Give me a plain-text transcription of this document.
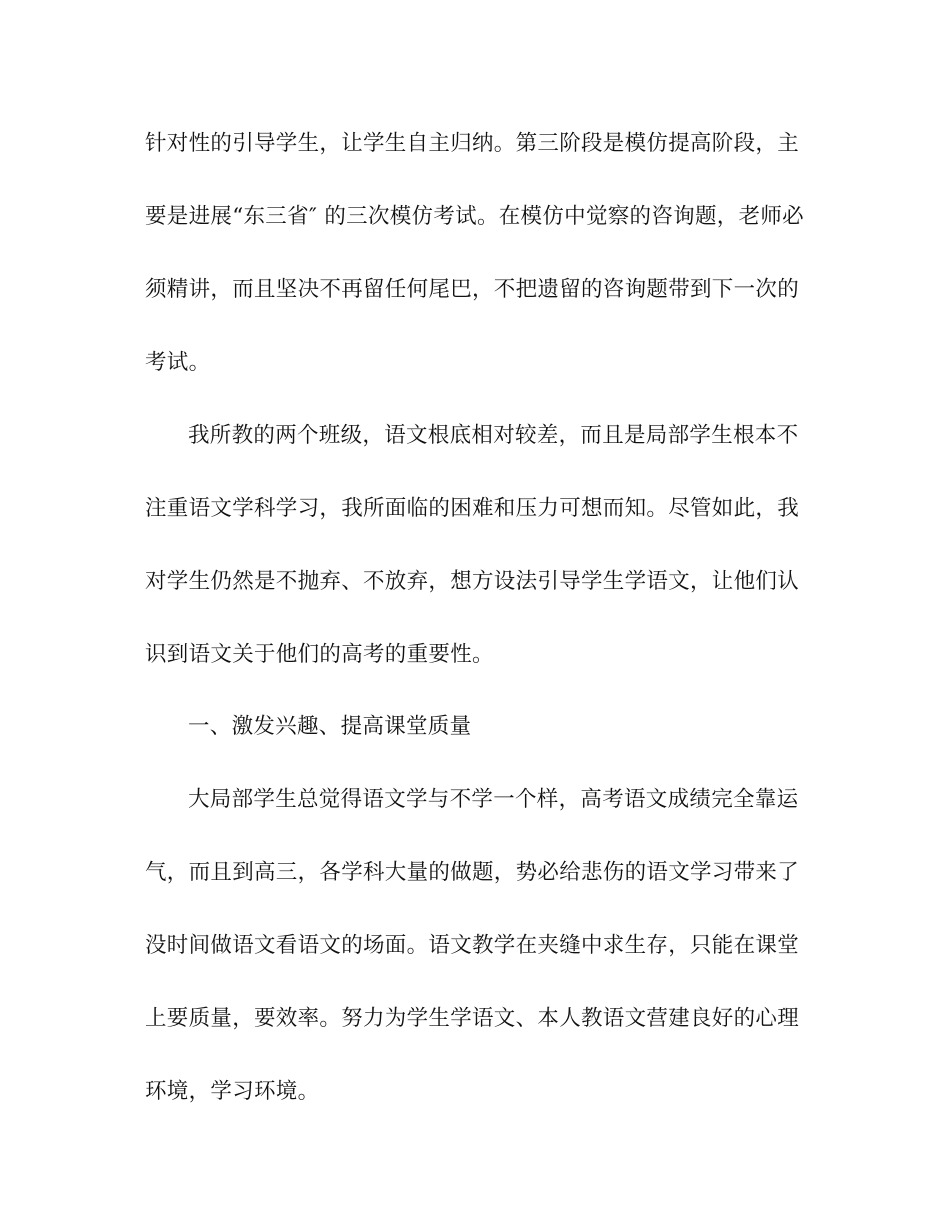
针对性的引导学生，让学生自主归纳。第三阶段是模仿提高阶段，主
要是进展“东三省″ 的三次模仿考试。在模仿中觉察的咨询题，老师必
须精讲，而且坚决不再留任何尾巴，不把遗留的咨询题带到下一次的
考试。
我所教的两个班级，语文根底相对较差，而且是局部学生根本不
注重语文学科学习，我所面临的困难和压力可想而知。尽管如此，我
对学生仍然是不抛弃、不放弃，想方设法引导学生学语文，让他们认
识到语文关于他们的高考的重要性。
一、激发兴趣、提高课堂质量
大局部学生总觉得语文学与不学一个样，高考语文成绩完全靠运
气，而且到高三，各学科大量的做题，势必给悲伤的语文学习带来了
没时间做语文看语文的场面。语文教学在夹缝中求生存，只能在课堂
上要质量，要效率。努力为学生学语文、本人教语文营建良好的心理
环境，学习环境。
